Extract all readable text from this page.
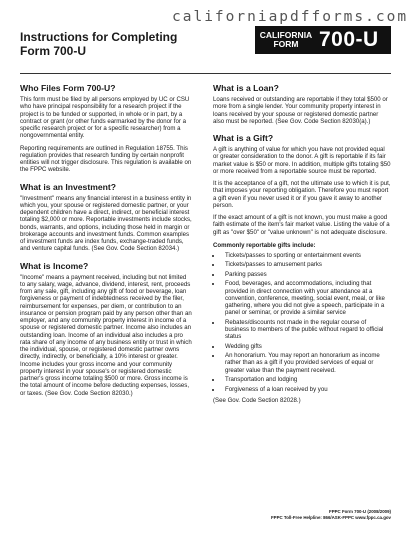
californiapdfforms.com
Instructions for Completing Form 700-U
CALIFORNIA
FORM 700-U
Who Files Form 700-U?

This form must be filed by all persons employed by UC or CSU who have principal responsibility for a research project if the project is to be funded or supported, in whole or in part, by a contract or grant (or other funds earmarked by the donor for a specific research project or for a specific researcher) from a nongovernmental entity.

Reporting requirements are outlined in Regulation 18755. This regulation provides that research funding by certain nonprofit entities will not trigger disclosure. This regulation is available on the FPPC website.

What is an Investment?

"Investment" means any financial interest in a business entity in which you, your spouse or registered domestic partner, or your dependent children have a direct, indirect, or beneficial interest totaling $2,000 or more. Reportable investments include stocks, bonds, warrants, and options, including those held in margin or brokerage accounts and investment funds. Common examples of investment funds are index funds, exchange-traded funds, and venture capital funds. (See Gov. Code Section 82034.)

What is Income?

"Income" means a payment received, including but not limited to any salary, wage, advance, dividend, interest, rent, proceeds from any sale, gift, including any gift of food or beverage, loan forgiveness or payment of indebtedness received by the filer, reimbursement for expenses, per diem, or contribution to an insurance or pension program paid by any person other than an employer, and any community property interest in income of a spouse or registered domestic partner. Income also includes an outstanding loan. Income of an individual also includes a pro rata share of any income of any business entity or trust in which the individual, spouse, or registered domestic partner owns directly, indirectly, or beneficially, a 10% interest or greater. Income includes your gross income and your community property interest in your spouse's or registered domestic partner's gross income totaling $500 or more. Gross income is the total amount of income before deducting expenses, losses, or taxes. (See Gov. Code Section 82030.)

What is a Loan?

Loans received or outstanding are reportable if they total $500 or more from a single lender. Your community property interest in loans received by your spouse or registered domestic partner also must be reported. (See Gov. Code Section 82030(a).)

What is a Gift?

A gift is anything of value for which you have not provided equal or greater consideration to the donor. A gift is reportable if its fair market value is $50 or more. In addition, multiple gifts totaling $50 or more received from a reportable source must be reported.

It is the acceptance of a gift, not the ultimate use to which it is put, that imposes your reporting obligation. Therefore you must report a gift even if you never used it or if you gave it away to another person.

If the exact amount of a gift is not known, you must make a good faith estimate of the item's fair market value. Listing the value of a gift as "over $50" or "value unknown" is not adequate disclosure.

Commonly reportable gifts include:
• Tickets/passes to sporting or entertainment events
• Tickets/passes to amusement parks
• Parking passes
• Food, beverages, and accommodations, including that provided in direct connection with your attendance at a convention, conference, meeting, social event, meal, or like gathering, where you did not give a speech, participate in a panel or seminar, or provide a similar service
• Rebates/discounts not made in the regular course of business to members of the public without regard to official status
• Wedding gifts
• An honorarium. You may report an honorarium as income rather than as a gift if you provided services of equal or greater value than the payment received.
• Transportation and lodging
• Forgiveness of a loan received by you

(See Gov. Code Section 82028.)

FPPC Form 700-U (2008/2009)
FPPC Toll-Free Helpline: 866/ASK-FPPC www.fppc.ca.gov
